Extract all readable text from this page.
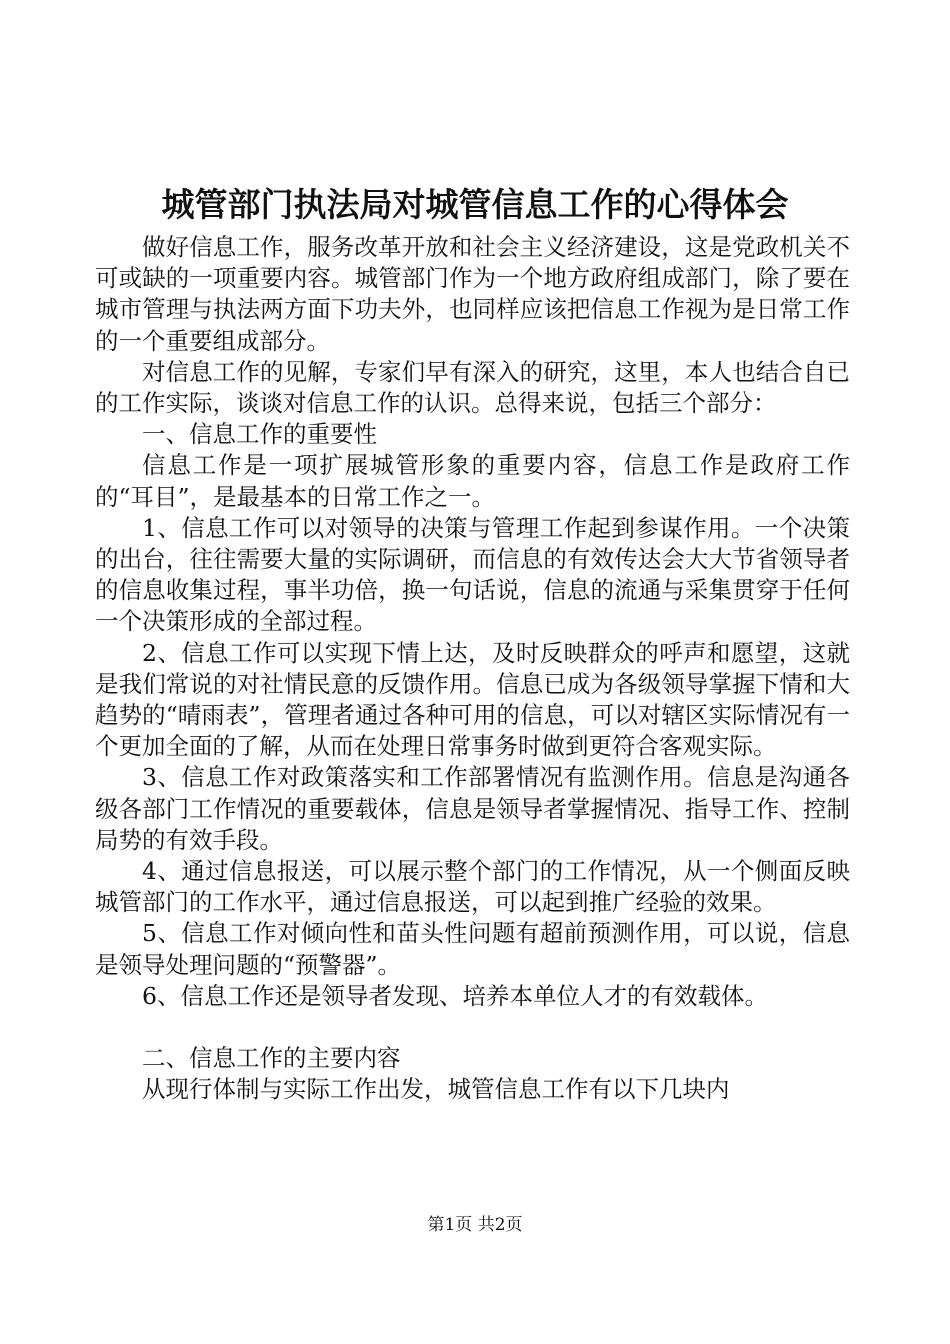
城管部门执法局对城管信息工作的心得体会

做好信息工作，服务改革开放和社会主义经济建设，这是党政机关不可或缺的一项重要内容。城管部门作为一个地方政府组成部门，除了要在城市管理与执法两方面下功夫外，也同样应该把信息工作视为是日常工作的一个重要组成部分。

对信息工作的见解，专家们早有深入的研究，这里，本人也结合自已的工作实际，谈谈对信息工作的认识。总得来说，包括三个部分：

一、信息工作的重要性

信息工作是一项扩展城管形象的重要内容，信息工作是政府工作的“耳目”，是最基本的日常工作之一。

1、信息工作可以对领导的决策与管理工作起到参谋作用。一个决策的出台，往往需要大量的实际调研，而信息的有效传达会大大节省领导者的信息收集过程，事半功倍，换一句话说，信息的流通与采集贯穿于任何一个决策形成的全部过程。

2、信息工作可以实现下情上达，及时反映群众的呼声和愿望，这就是我们常说的对社情民意的反馈作用。信息已成为各级领导掌握下情和大趋势的“晴雨表”，管理者通过各种可用的信息，可以对辖区实际情况有一个更加全面的了解，从而在处理日常事务时做到更符合客观实际。

3、信息工作对政策落实和工作部署情况有监测作用。信息是沟通各级各部门工作情况的重要载体，信息是领导者掌握情况、指导工作、控制局势的有效手段。

4、通过信息报送，可以展示整个部门的工作情况，从一个侧面反映城管部门的工作水平，通过信息报送，可以起到推广经验的效果。

5、信息工作对倾向性和苗头性问题有超前预测作用，可以说，信息是领导处理问题的“预警器”。

6、信息工作还是领导者发现、培养本单位人才的有效载体。

二、信息工作的主要内容

从现行体制与实际工作出发，城管信息工作有以下几块内

第1页 共2页
